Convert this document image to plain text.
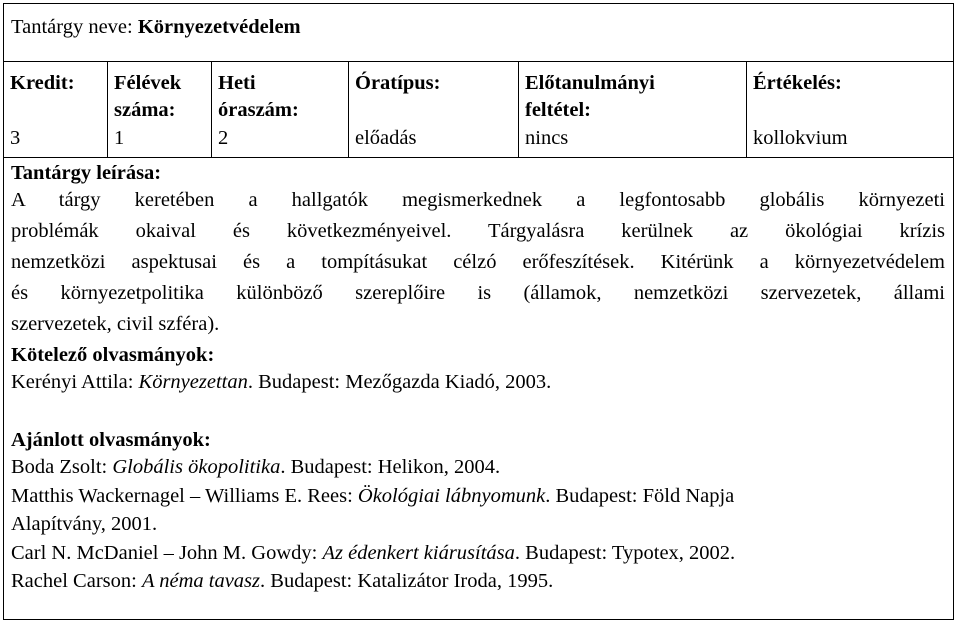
Tantárgy neve: Környezetvédelem
Kredit:

3
Félévek
száma:
1
Heti
óraszám:
2
Óratípus:

előadás
Előtanulmányi
feltétel:
nincs
Értékelés:

kollokvium
Tantárgy leírása:
A tárgy keretében a hallgatók megismerkednek a legfontosabb globális környezeti
problémák okaival és következményeivel. Tárgyalásra kerülnek az ökológiai krízis
nemzetközi aspektusai és a tompításukat célzó erőfeszítések. Kitérünk a környezetvédelem
és környezetpolitika különböző szereplőire is (államok, nemzetközi szervezetek, állami
szervezetek, civil szféra).
Kötelező olvasmányok:
Kerényi Attila: Környezettan. Budapest: Mezőgazda Kiadó, 2003.
Ajánlott olvasmányok:
Boda Zsolt: Globális ökopolitika. Budapest: Helikon, 2004.
Matthis Wackernagel – Williams E. Rees: Ökológiai lábnyomunk. Budapest: Föld Napja
Alapítvány, 2001.
Carl N. McDaniel – John M. Gowdy: Az édenkert kiárusítása. Budapest: Typotex, 2002.
Rachel Carson: A néma tavasz. Budapest: Katalizátor Iroda, 1995.
